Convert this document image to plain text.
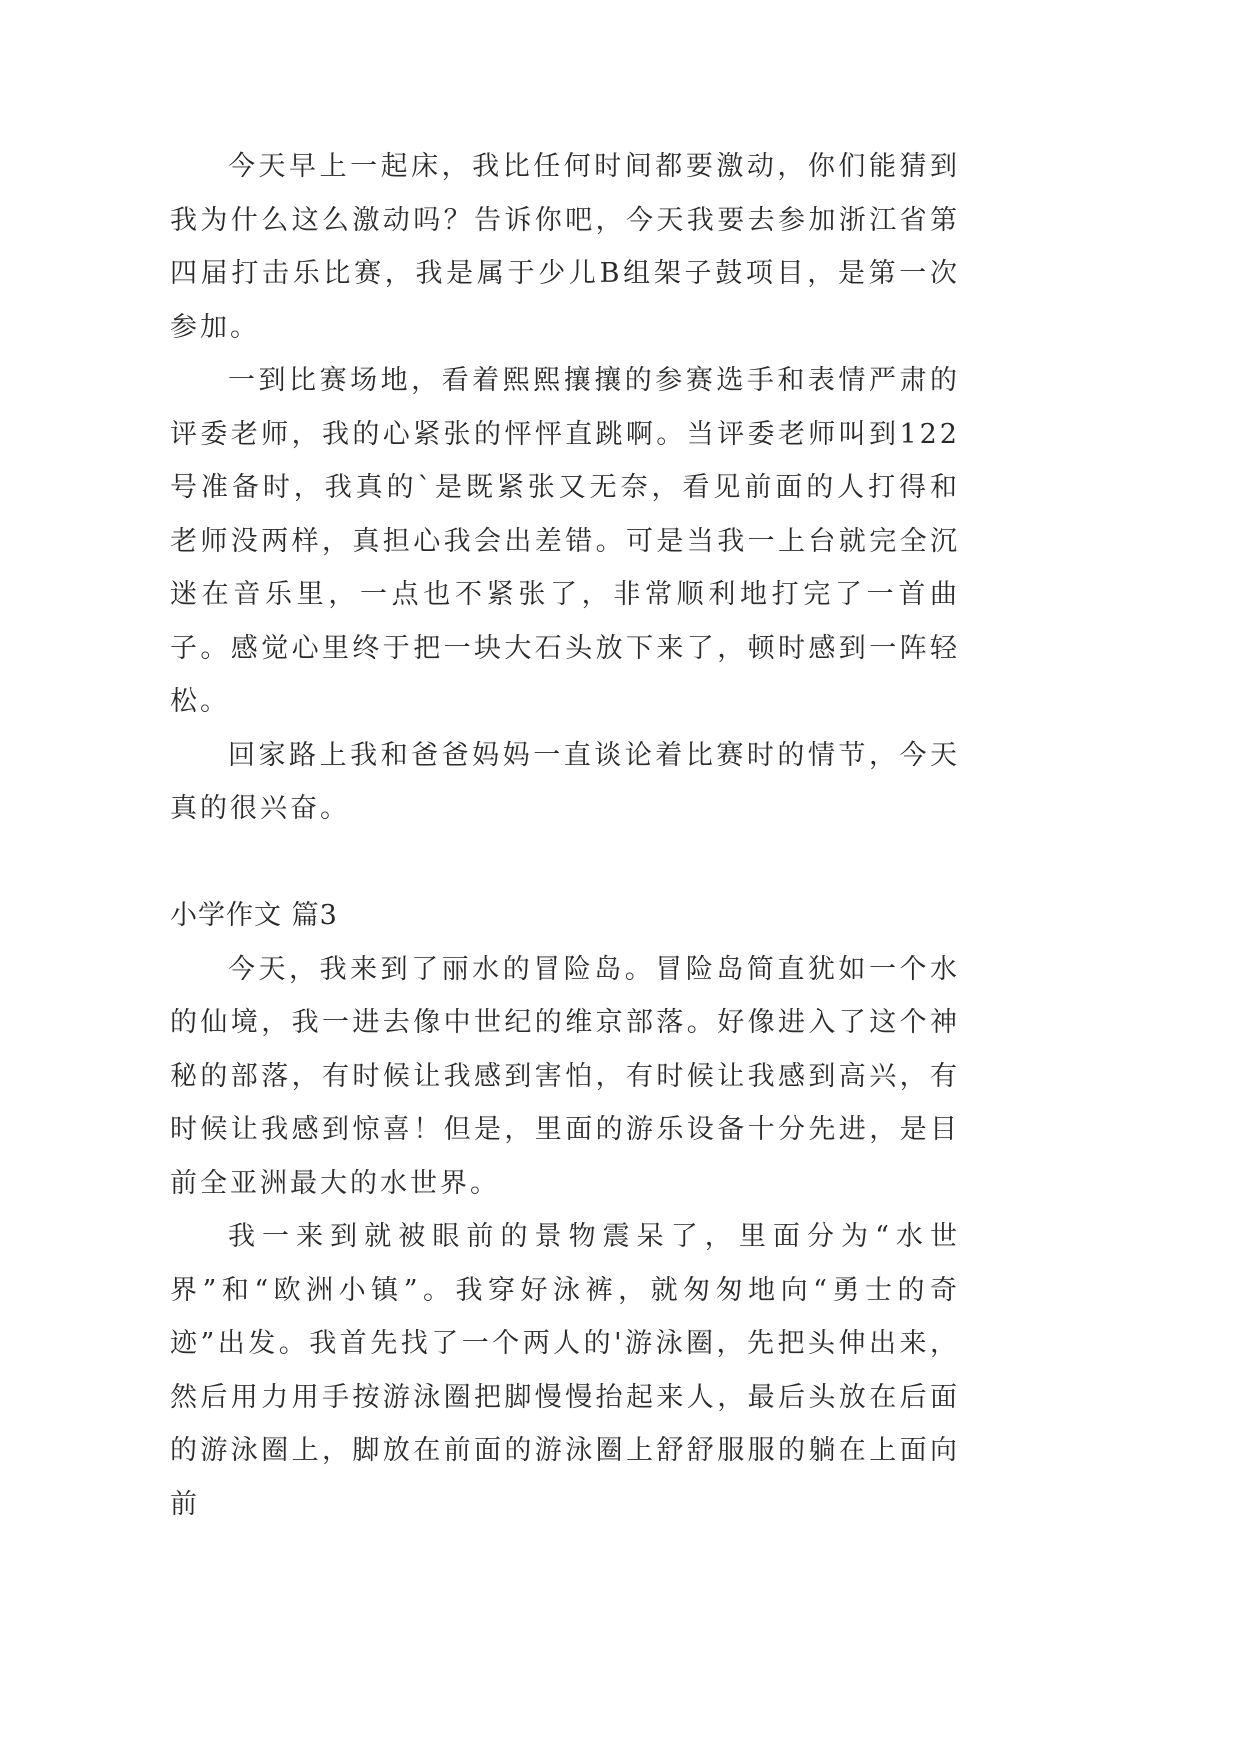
今天早上一起床，我比任何时间都要激动，你们能猜到我为什么这么激动吗？告诉你吧，今天我要去参加浙江省第四届打击乐比赛，我是属于少儿B组架子鼓项目，是第一次参加。

一到比赛场地，看着熙熙攘攘的参赛选手和表情严肃的评委老师，我的心紧张的怦怦直跳啊。当评委老师叫到122号准备时，我真的`是既紧张又无奈，看见前面的人打得和老师没两样，真担心我会出差错。可是当我一上台就完全沉迷在音乐里，一点也不紧张了，非常顺利地打完了一首曲子。感觉心里终于把一块大石头放下来了，顿时感到一阵轻松。

回家路上我和爸爸妈妈一直谈论着比赛时的情节，今天真的很兴奋。

小学作文 篇3

今天，我来到了丽水的冒险岛。冒险岛简直犹如一个水的仙境，我一进去像中世纪的维京部落。好像进入了这个神秘的部落，有时候让我感到害怕，有时候让我感到高兴，有时候让我感到惊喜！但是，里面的游乐设备十分先进，是目前全亚洲最大的水世界。

我一来到就被眼前的景物震呆了，里面分为“水世界”和“欧洲小镇”。我穿好泳裤，就匆匆地向“勇士的奇迹”出发。我首先找了一个两人的'游泳圈，先把头伸出来，然后用力用手按游泳圈把脚慢慢抬起来人，最后头放在后面的游泳圈上，脚放在前面的游泳圈上舒舒服服的躺在上面向前
